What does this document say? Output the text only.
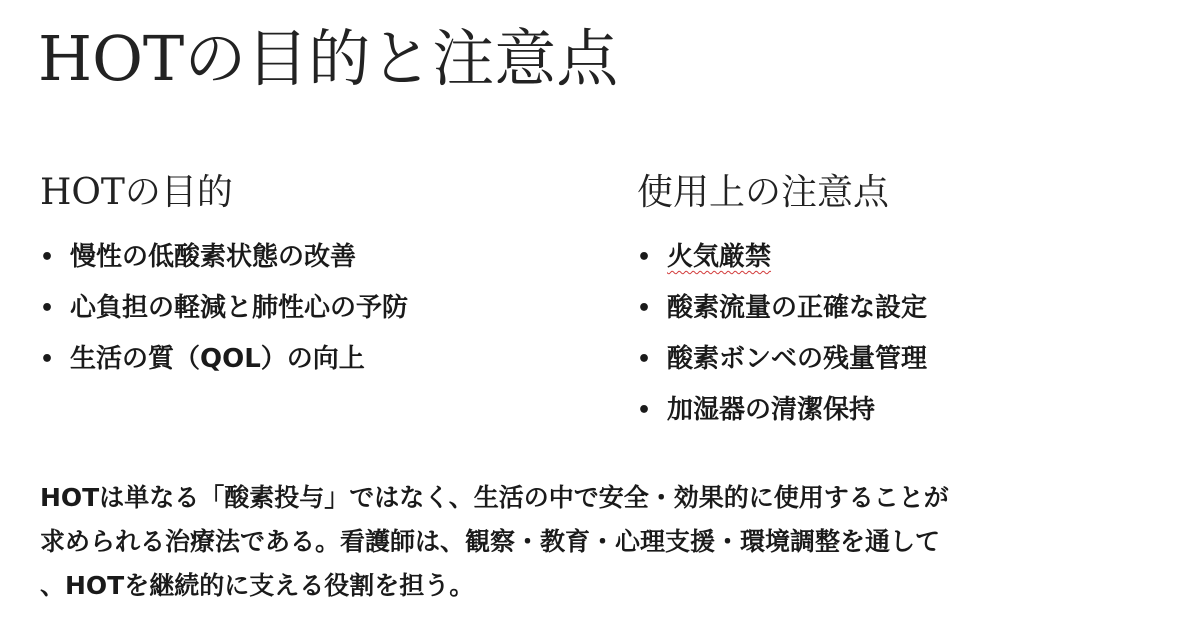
HOTの目的と注意点
HOTの目的
• 慢性の低酸素状態の改善
• 心負担の軽減と肺性心の予防
• 生活の質（QOL）の向上
使用上の注意点
• 火気厳禁
• 酸素流量の正確な設定
• 酸素ボンベの残量管理
• 加湿器の清潔保持

HOTは単なる「酸素投与」ではなく、生活の中で安全・効果的に使用することが
求められる治療法である。看護師は、観察・教育・心理支援・環境調整を通して
、HOTを継続的に支える役割を担う。
